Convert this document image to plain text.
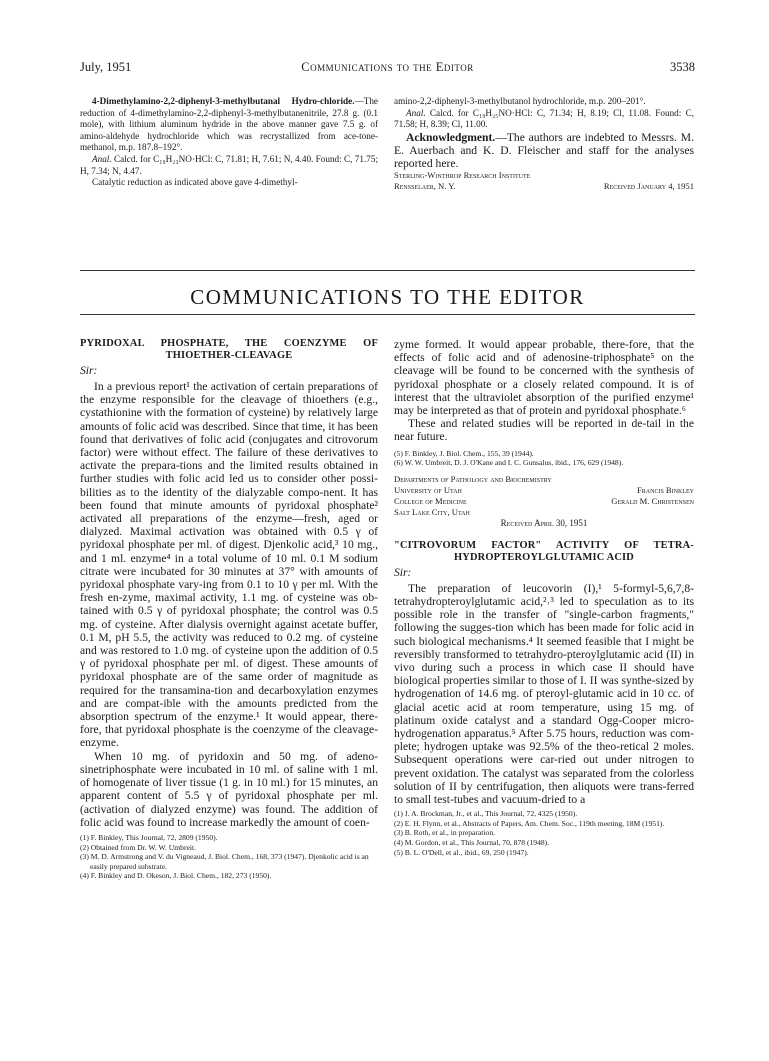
July, 1951	Communications to the Editor	3538

4-Dimethylamino-2,2-diphenyl-3-methylbutanal Hydro-chloride.—The reduction of 4-dimethylamino-2,2-diphenyl-3-methylbutanenitrile, 27.8 g. (0.1 mole), with lithium aluminum hydride in the above manner gave 7.5 g. of amino-aldehyde hydrochloride which was recrystallized from ace-tone-methanol, m.p. 187.8–192°.

Anal. Calcd. for C₁₉H₂₃NO·HCl: C, 71.81; H, 7.61; N, 4.40. Found: C, 71.75; H, 7.34; N, 4.47.

Catalytic reduction as indicated above gave 4-dimethyl-

amino-2,2-diphenyl-3-methylbutanol hydrochloride, m.p. 200–201°.

Anal. Calcd. for C₁₉H₂₅NO·HCl: C, 71.34; H, 8.19; Cl, 11.08. Found: C, 71.58; H, 8.39; Cl, 11.00.

Acknowledgment.—The authors are indebted to Messrs. M. E. Auerbach and K. D. Fleischer and staff for the analyses reported here.

Sterling-Winthrop Research Institute
Rensselaer, N. Y.	Received January 4, 1951
COMMUNICATIONS TO THE EDITOR
PYRIDOXAL PHOSPHATE, THE COENZYME OF
THIOETHER-CLEAVAGE
Sir:

In a previous report¹ the activation of certain preparations of the enzyme responsible for the cleavage of thioethers (e.g., cystathionine with the formation of cysteine) by relatively large amounts of folic acid was described. Since that time, it has been found that derivatives of folic acid (conjugates and citrovorum factor) were without effect. The failure of these derivatives to activate the prepara-tions and the limited results obtained in further studies with folic acid led us to consider other possi-bilities as to the identity of the dialyzable compo-nent. It has been found that minute amounts of pyridoxal phosphate² activated all preparations of the enzyme—fresh, aged or dialyzed. Maximal activation was obtained with 0.5 γ of pyridoxal phosphate per ml. of digest. Djenkolic acid,³ 10 mg., and 1 ml. enzyme⁴ in a total volume of 10 ml. 0.1 M sodium citrate were incubated for 30 minutes at 37° with amounts of pyridoxal phosphate vary-ing from 0.1 to 10 γ per ml. With the fresh en-zyme, maximal activity, 1.1 mg. of cysteine was ob-tained with 0.5 γ of pyridoxal phosphate; the control was 0.5 mg. of cysteine. After dialysis overnight against acetate buffer, 0.1 M, pH 5.5, the activity was reduced to 0.2 mg. of cysteine and was restored to 1.0 mg. of cysteine upon the addition of 0.5 γ of pyridoxal phosphate per ml. of digest. These amounts of pyridoxal phosphate are of the same order of magnitude as required for the transamina-tion and decarboxylation enzymes and are compat-ible with the amounts predicted from the absorption spectrum of the enzyme.¹ It would appear, there-fore, that pyridoxal phosphate is the coenzyme of the cleavage-enzyme.

When 10 mg. of pyridoxin and 50 mg. of adeno-sinetriphosphate were incubated in 10 ml. of saline with 1 ml. of homogenate of liver tissue (1 g. in 10 ml.) for 15 minutes, an apparent content of 5.5 γ of pyridoxal phosphate per ml. (activation of dialyzed enzyme) was found. The addition of folic acid was found to increase markedly the amount of coen-

(1) F. Binkley, This Journal, 72, 2809 (1950).
(2) Obtained from Dr. W. W. Umbreit.
(3) M. D. Armstrong and V. du Vigneaud, J. Biol. Chem., 168, 373 (1947). Djenkolic acid is an easily prepared substrate.
(4) F. Binkley and D. Okeson, J. Biol. Chem., 182, 273 (1950).

zyme formed. It would appear probable, there-fore, that the effects of folic acid and of adenosine-triphosphate⁵ on the cleavage will be found to be concerned with the synthesis of pyridoxal phosphate or a closely related compound. It is of interest that the ultraviolet absorption of the purified enzyme¹ may be interpreted as that of protein and pyridoxal phosphate.⁶

These and related studies will be reported in de-tail in the near future.

(5) F. Binkley, J. Biol. Chem., 155, 39 (1944).
(6) W. W. Umbreit, D. J. O'Kane and I. C. Gunsalus, ibid., 176, 629 (1948).
Departments of Pathology and Biochemistry
University of Utah	Francis Binkley
College of Medicine	Gerald M. Christensen
Salt Lake City, Utah
Received April 30, 1951
"CITROVORUM FACTOR" ACTIVITY OF TETRA-
HYDROPTEROYLGLUTAMIC ACID
Sir:

The preparation of leucovorin (I),¹ 5-formyl-5,6,7,8-tetrahydropteroylglutamic acid,²˒³ led to speculation as to its possible role in the transfer of "single-carbon fragments," following the sugges-tion which has been made for folic acid in such biological mechanisms.⁴ It seemed feasible that I might be reversibly transformed to tetrahydro-pteroylglutamic acid (II) in vivo during such a process in which case II should have biological properties similar to those of I. II was synthe-sized by hydrogenation of 14.6 mg. of pteroyl-glutamic acid in 10 cc. of glacial acetic acid at room temperature, using 15 mg. of platinum oxide catalyst and a standard Ogg-Cooper micro-hydrogenation apparatus.⁵ After 5.75 hours, reduction was com-plete; hydrogen uptake was 92.5% of the theo-retical 2 moles. Subsequent operations were car-ried out under nitrogen to prevent oxidation. The catalyst was separated from the colorless solution of II by centrifugation, then aliquots were trans-ferred to small test-tubes and vacuum-dried to a

(1) J. A. Brockman, Jr., et al., This Journal, 72, 4325 (1950).
(2) E. H. Flynn, et al., Abstracts of Papers, Am. Chem. Soc., 119th meeting, 18M (1951).
(3) B. Roth, et al., in preparation.
(4) M. Gordon, et al., This Journal, 70, 878 (1948).
(5) B. L. O'Dell, et al., ibid., 69, 250 (1947).
